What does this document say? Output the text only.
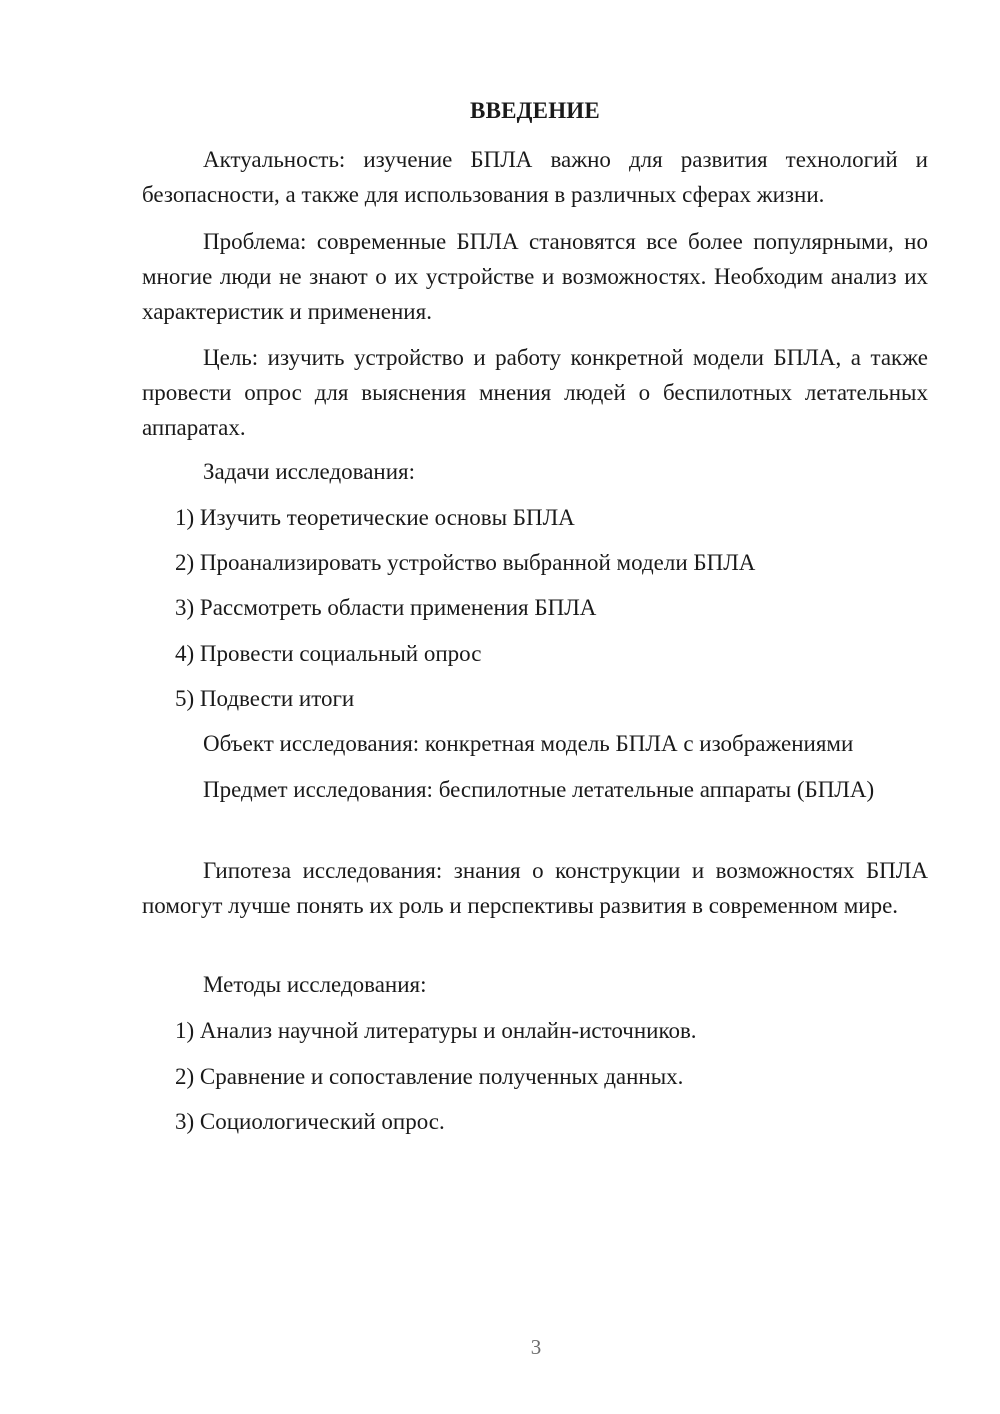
ВВЕДЕНИЕ

Актуальность: изучение БПЛА важно для развития технологий и безопасности, а также для использования в различных сферах жизни.

Проблема: современные БПЛА становятся все более популярными, но многие люди не знают о их устройстве и возможностях. Необходим анализ их характеристик и применения.

Цель: изучить устройство и работу конкретной модели БПЛА, а также провести опрос для выяснения мнения людей о беспилотных летательных аппаратах.

Задачи исследования:

1) Изучить теоретические основы БПЛА

2) Проанализировать устройство выбранной модели БПЛА

3) Рассмотреть области применения БПЛА

4) Провести социальный опрос

5) Подвести итоги

Объект исследования: конкретная модель БПЛА с изображениями

Предмет исследования: беспилотные летательные аппараты (БПЛА)

Гипотеза исследования: знания о конструкции и возможностях БПЛА помогут лучше понять их роль и перспективы развития в современном мире.

Методы исследования:

1) Анализ научной литературы и онлайн-источников.

2) Сравнение и сопоставление полученных данных.

3) Социологический опрос.

3
